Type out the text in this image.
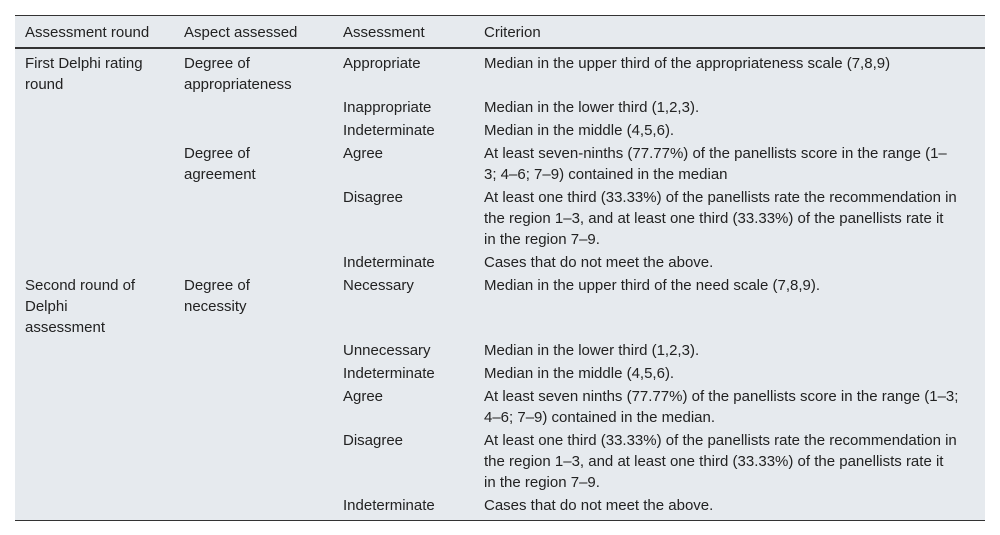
Assessment round	Aspect assessed	Assessment	Criterion

First Delphi rating round	Degree of appropriateness	Appropriate	Median in the upper third of the appropriateness scale (7,8,9)
		Inappropriate	Median in the lower third (1,2,3).
		Indeterminate	Median in the middle (4,5,6).

	Degree of agreement	Agree	At least seven-ninths (77.77%) of the panellists score in the range (1–3; 4–6; 7–9) contained in the median

		Disagree	At least one third (33.33%) of the panellists rate the recommendation in the region 1–3, and at least one third (33.33%) of the panellists rate it in the region 7–9.

		Indeterminate	Cases that do not meet the above.

Second round of Delphi assessment	Degree of necessity	Necessary	Median in the upper third of the need scale (7,8,9).
		Unnecessary	Median in the lower third (1,2,3).
		Indeterminate	Median in the middle (4,5,6).
		Agree	At least seven ninths (77.77%) of the panellists score in the range (1–3; 4–6; 7–9) contained in the median.

		Disagree	At least one third (33.33%) of the panellists rate the recommendation in the region 1–3, and at least one third (33.33%) of the panellists rate it in the region 7–9.

		Indeterminate	Cases that do not meet the above.
